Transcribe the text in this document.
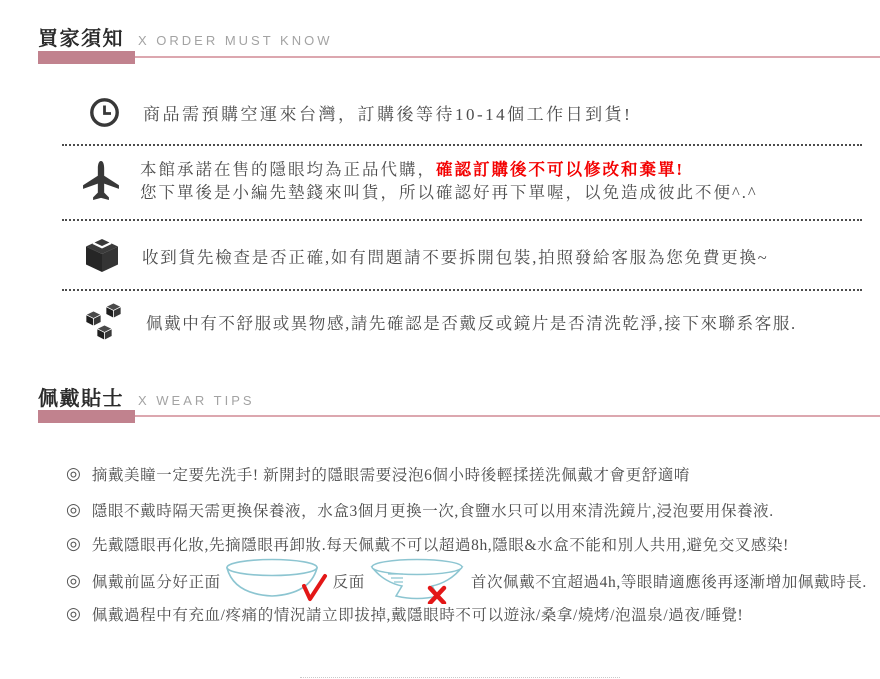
買家須知 X ORDER MUST KNOW
商品需預購空運來台灣，訂購後等待10-14個工作日到貨!
本館承諾在售的隱眼均為正品代購，確認訂購後不可以修改和棄單!
您下單後是小編先墊錢來叫貨，所以確認好再下單喔，以免造成彼此不便^.^
收到貨先檢查是否正確,如有問題請不要拆開包裝,拍照發給客服為您免費更換~
佩戴中有不舒服或異物感,請先確認是否戴反或鏡片是否清洗乾淨,接下來聯系客服.
佩戴貼士 X WEAR TIPS
◎ 摘戴美瞳一定要先洗手! 新開封的隱眼需要浸泡6個小時後輕揉搓洗佩戴才會更舒適唷
◎ 隱眼不戴時隔天需更換保養液，水盒3個月更換一次,食鹽水只可以用來清洗鏡片,浸泡要用保養液.
◎ 先戴隱眼再化妝,先摘隱眼再卸妝.每天佩戴不可以超過8h,隱眼&水盒不能和別人共用,避免交叉感染!
◎ 佩戴前區分好正面	反面	首次佩戴不宜超過4h,等眼睛適應後再逐漸增加佩戴時長.
◎ 佩戴過程中有充血/疼痛的情況請立即拔掉,戴隱眼時不可以遊泳/桑拿/燒烤/泡溫泉/過夜/睡覺!
